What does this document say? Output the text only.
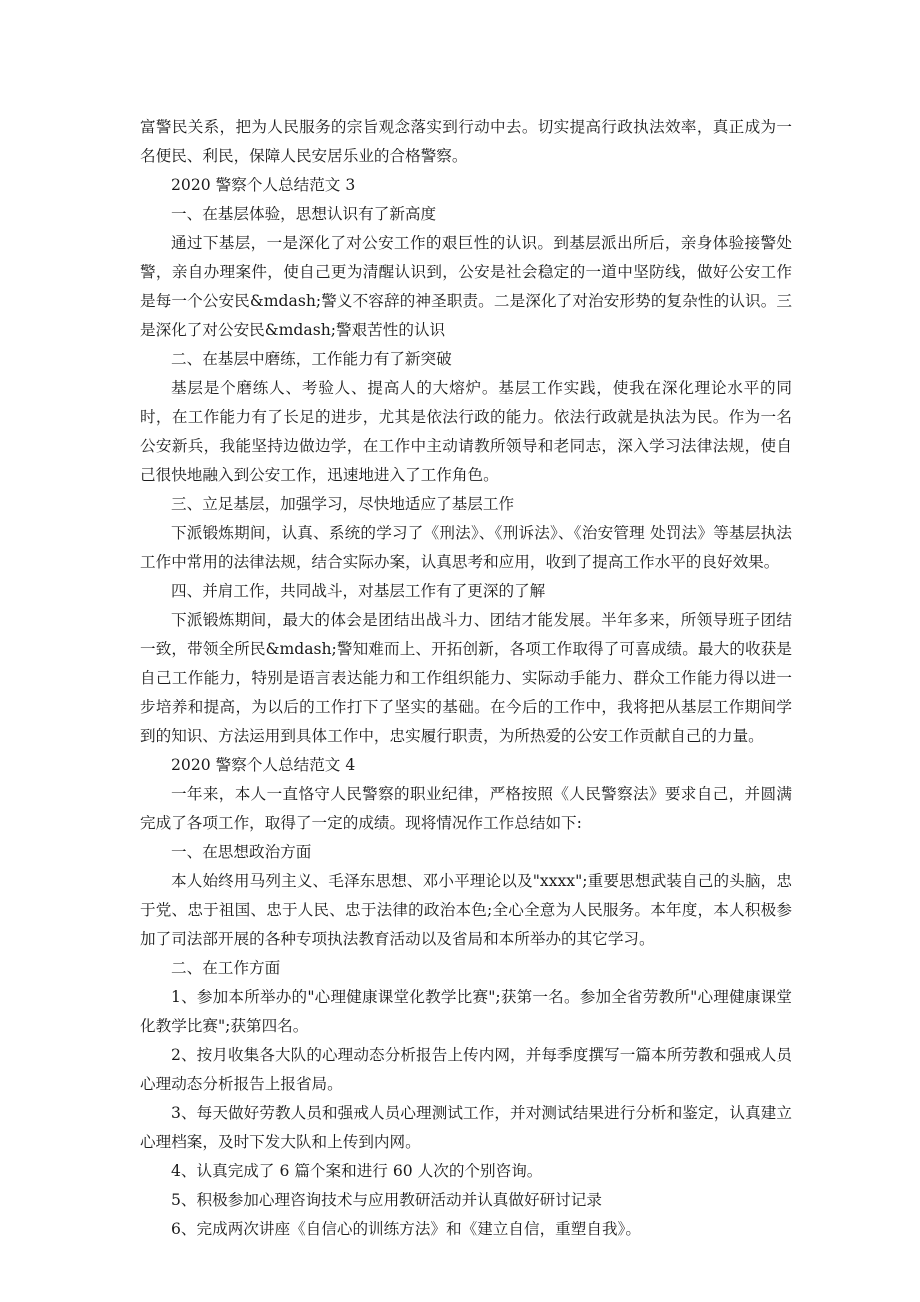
富警民关系，把为人民服务的宗旨观念落实到行动中去。切实提高行政执法效率，真正成为一名便民、利民，保障人民安居乐业的合格警察。

2020 警察个人总结范文 3

一、在基层体验，思想认识有了新高度

通过下基层，一是深化了对公安工作的艰巨性的认识。到基层派出所后，亲身体验接警处警，亲自办理案件，使自己更为清醒认识到，公安是社会稳定的一道中坚防线，做好公安工作是每一个公安民&mdash;警义不容辞的神圣职责。二是深化了对治安形势的复杂性的认识。三是深化了对公安民&mdash;警艰苦性的认识

二、在基层中磨练，工作能力有了新突破

基层是个磨练人、考验人、提高人的大熔炉。基层工作实践，使我在深化理论水平的同时，在工作能力有了长足的进步，尤其是依法行政的能力。依法行政就是执法为民。作为一名公安新兵，我能坚持边做边学，在工作中主动请教所领导和老同志，深入学习法律法规，使自己很快地融入到公安工作，迅速地进入了工作角色。

三、立足基层，加强学习，尽快地适应了基层工作

下派锻炼期间，认真、系统的学习了《刑法》、《刑诉法》、《治安管理 处罚法》等基层执法工作中常用的法律法规，结合实际办案，认真思考和应用，收到了提高工作水平的良好效果。

四、并肩工作，共同战斗，对基层工作有了更深的了解

下派锻炼期间，最大的体会是团结出战斗力、团结才能发展。半年多来，所领导班子团结一致，带领全所民&mdash;警知难而上、开拓创新，各项工作取得了可喜成绩。最大的收获是自己工作能力，特别是语言表达能力和工作组织能力、实际动手能力、群众工作能力得以进一步培养和提高，为以后的工作打下了坚实的基础。在今后的工作中，我将把从基层工作期间学到的知识、方法运用到具体工作中，忠实履行职责，为所热爱的公安工作贡献自己的力量。

2020 警察个人总结范文 4

一年来，本人一直恪守人民警察的职业纪律，严格按照《人民警察法》要求自己，并圆满完成了各项工作，取得了一定的成绩。现将情况作工作总结如下:

一、在思想政治方面

本人始终用马列主义、毛泽东思想、邓小平理论以及"xxxx";重要思想武装自己的头脑，忠于党、忠于祖国、忠于人民、忠于法律的政治本色;全心全意为人民服务。本年度，本人积极参加了司法部开展的各种专项执法教育活动以及省局和本所举办的其它学习。

二、在工作方面

1、参加本所举办的"心理健康课堂化教学比赛";获第一名。参加全省劳教所"心理健康课堂化教学比赛";获第四名。

2、按月收集各大队的心理动态分析报告上传内网，并每季度撰写一篇本所劳教和强戒人员心理动态分析报告上报省局。

3、每天做好劳教人员和强戒人员心理测试工作，并对测试结果进行分析和鉴定，认真建立心理档案，及时下发大队和上传到内网。

4、认真完成了 6 篇个案和进行 60 人次的个别咨询。

5、积极参加心理咨询技术与应用教研活动并认真做好研讨记录

6、完成两次讲座《自信心的训练方法》和《建立自信，重塑自我》。
